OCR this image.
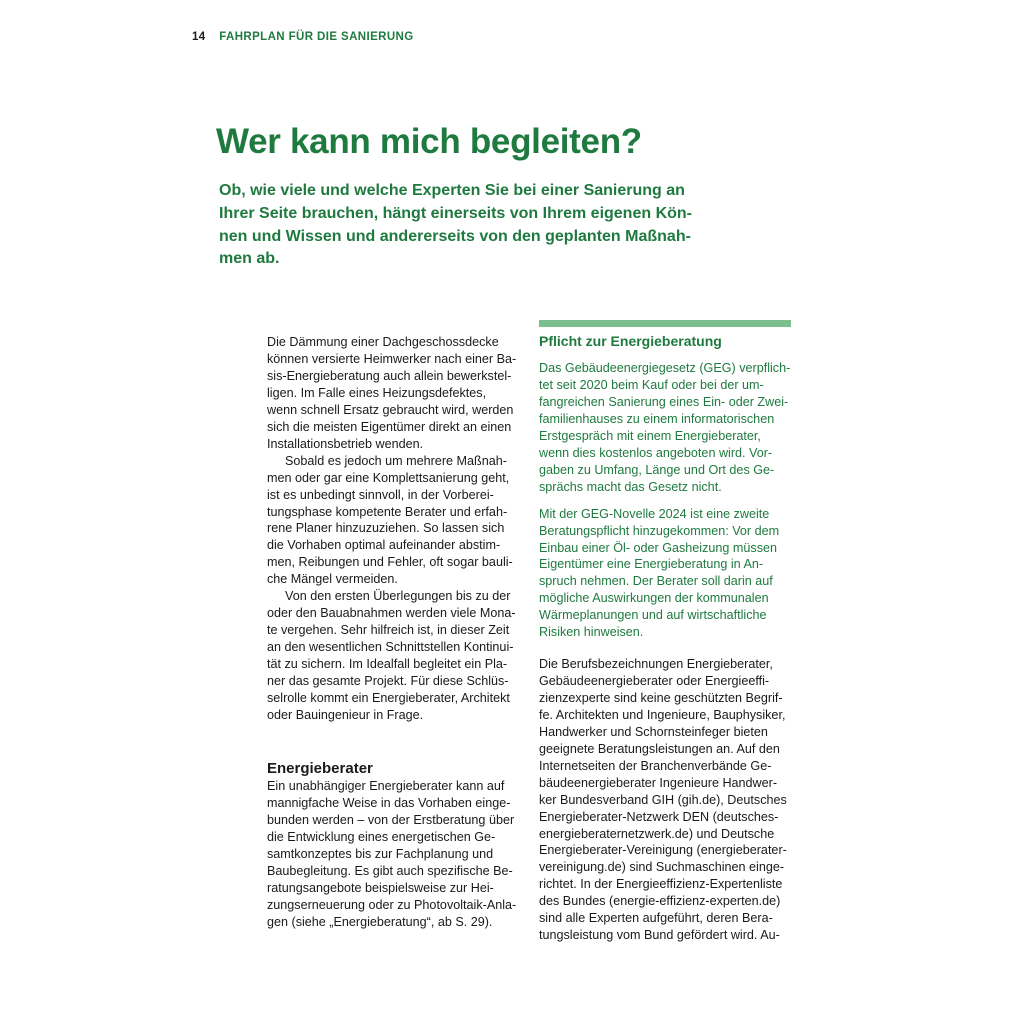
14 FAHRPLAN FÜR DIE SANIERUNG
Wer kann mich begleiten?
Ob, wie viele und welche Experten Sie bei einer Sanierung an
Ihrer Seite brauchen, hängt einerseits von Ihrem eigenen Kön-
nen und Wissen und andererseits von den geplanten Maßnah-
men ab.
Die Dämmung einer Dachgeschossdecke
können versierte Heimwerker nach einer Ba-
sis-Energieberatung auch allein bewerkstel-
ligen. Im Falle eines Heizungsdefektes,
wenn schnell Ersatz gebraucht wird, werden
sich die meisten Eigentümer direkt an einen
Installationsbetrieb wenden.
Sobald es jedoch um mehrere Maßnah-
men oder gar eine Komplettsanierung geht,
ist es unbedingt sinnvoll, in der Vorberei-
tungsphase kompetente Berater und erfah-
rene Planer hinzuzuziehen. So lassen sich
die Vorhaben optimal aufeinander abstim-
men, Reibungen und Fehler, oft sogar bauli-
che Mängel vermeiden.
Von den ersten Überlegungen bis zu der
oder den Bauabnahmen werden viele Mona-
te vergehen. Sehr hilfreich ist, in dieser Zeit
an den wesentlichen Schnittstellen Kontinui-
tät zu sichern. Im Idealfall begleitet ein Pla-
ner das gesamte Projekt. Für diese Schlüs-
selrolle kommt ein Energieberater, Architekt
oder Bauingenieur in Frage.
Energieberater
Ein unabhängiger Energieberater kann auf
mannigfache Weise in das Vorhaben einge-
bunden werden – von der Erstberatung über
die Entwicklung eines energetischen Ge-
samtkonzeptes bis zur Fachplanung und
Baubegleitung. Es gibt auch spezifische Be-
ratungsangebote beispielsweise zur Hei-
zungserneuerung oder zu Photovoltaik-Anla-
gen (siehe „Energieberatung“, ab S. 29).
Pflicht zur Energieberatung
Das Gebäudeenergiegesetz (GEG) verpflich-
tet seit 2020 beim Kauf oder bei der um-
fangreichen Sanierung eines Ein- oder Zwei-
familienhauses zu einem informatorischen
Erstgespräch mit einem Energieberater,
wenn dies kostenlos angeboten wird. Vor-
gaben zu Umfang, Länge und Ort des Ge-
sprächs macht das Gesetz nicht.
Mit der GEG-Novelle 2024 ist eine zweite
Beratungspflicht hinzugekommen: Vor dem
Einbau einer Öl- oder Gasheizung müssen
Eigentümer eine Energieberatung in An-
spruch nehmen. Der Berater soll darin auf
mögliche Auswirkungen der kommunalen
Wärmeplanungen und auf wirtschaftliche
Risiken hinweisen.
Die Berufsbezeichnungen Energieberater,
Gebäudeenergieberater oder Energieeffi-
zienzexperte sind keine geschützten Begrif-
fe. Architekten und Ingenieure, Bauphysiker,
Handwerker und Schornsteinfeger bieten
geeignete Beratungsleistungen an. Auf den
Internetseiten der Branchenverbände Ge-
bäudeenergieberater Ingenieure Handwer-
ker Bundesverband GIH (gih.de), Deutsches
Energieberater-Netzwerk DEN (deutsches-
energieberaternetzwerk.de) und Deutsche
Energieberater-Vereinigung (energieberater-
vereinigung.de) sind Suchmaschinen einge-
richtet. In der Energieeffizienz-Expertenliste
des Bundes (energie-effizienz-experten.de)
sind alle Experten aufgeführt, deren Bera-
tungsleistung vom Bund gefördert wird. Au-
